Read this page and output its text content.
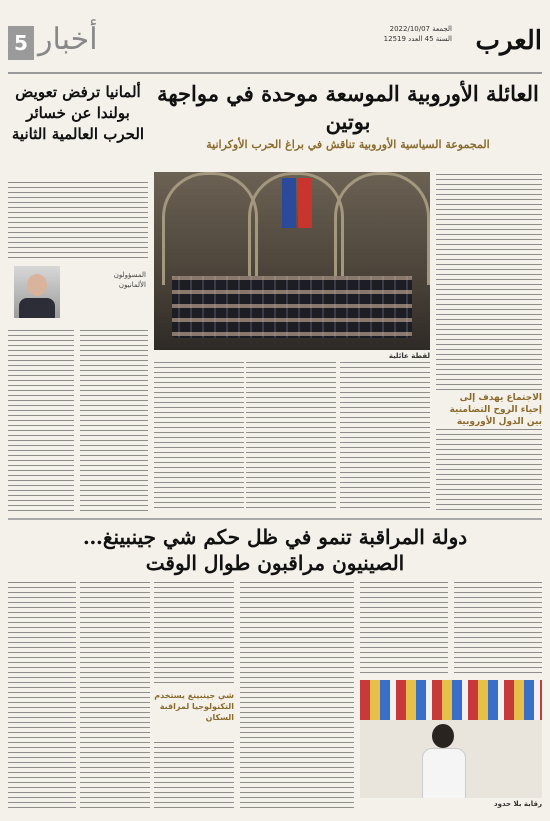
العرب
الجمعة 2022/10/07
السنة 45 العدد 12519
أخبار
5
ألمانيا ترفض تعويض بولندا عن خسائر الحرب العالمية الثانية
المسؤولون
الألمانيون
العائلة الأوروبية الموسعة موحدة في مواجهة بوتين
المجموعة السياسية الأوروبية تناقش في براغ الحرب الأوكرانية
لقطة عائلية
الاجتماع يهدف إلى إحياء الروح التضامنية بين الدول الأوروبية
دولة المراقبة تنمو في ظل حكم شي جينبينغ…
الصينيون مراقبون طوال الوقت
شي جينبينغ يستخدم التكنولوجيا لمراقبة السكان
رقابة بلا حدود
